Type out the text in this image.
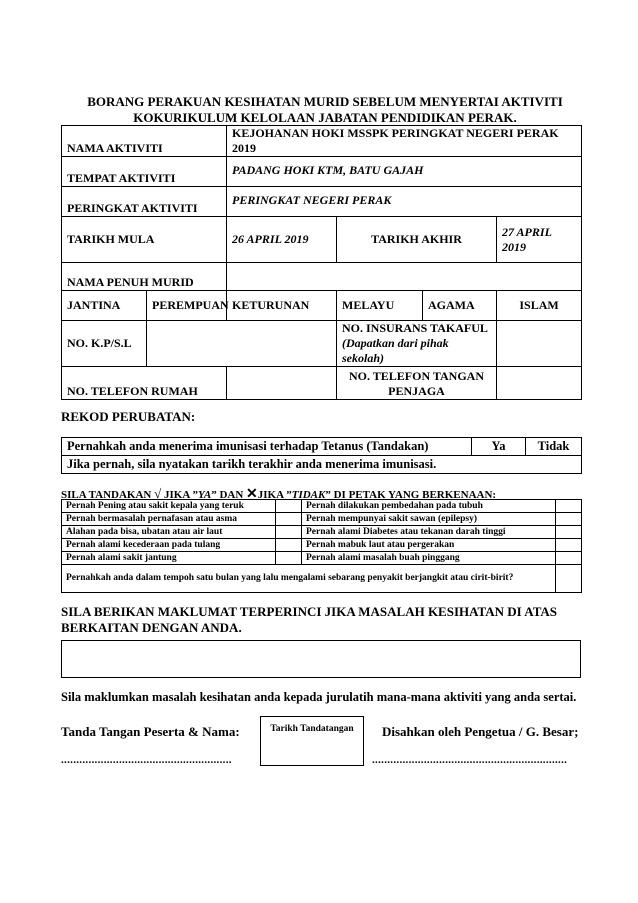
BORANG PERAKUAN KESIHATAN MURID SEBELUM MENYERTAI AKTIVITI
KOKURIKULUM KELOLAAN JABATAN PENDIDIKAN PERAK.
NAMA AKTIVITI		KEJOHANAN HOKI MSSPK PERINGKAT NEGERI PERAK 2019			
TEMPAT AKTIVITI		PADANG HOKI KTM, BATU GAJAH			
PERINGKAT AKTIVITI		PERINGKAT NEGERI PERAK			
TARIKH MULA		26 APRIL 2019	TARIKH AKHIR		27 APRIL 2019
NAMA PENUH MURID					
JANTINA	PEREMPUAN	KETURUNAN	MELAYU	AGAMA	ISLAM
NO. K.P/S.L			NO. INSURANS TAKAFUL (Dapatkan dari pihak sekolah)		
NO. TELEFON RUMAH			NO. TELEFON TANGAN PENJAGA		
REKOD PERUBATAN:
Pernahkah anda menerima imunisasi terhadap Tetanus (Tandakan)	Ya	Tidak
Jika pernah, sila nyatakan tarikh terakhir anda menerima imunisasi.
SILA TANDAKAN √ JIKA ”YA” DAN ✕JIKA ”TIDAK” DI PETAK YANG BERKENAAN:
Pernah Pening atau sakit kepala yang teruk		Pernah dilakukan pembedahan pada tubuh	
Pernah bermasalah pernafasan atau asma		Pernah mempunyai sakit sawan (epilepsy)	
Alahan pada bisa, ubatan atau air laut		Pernah alami Diabetes atau tekanan darah tinggi	
Pernah alami kecederaan pada tulang		Pernah mabuk laut atau pergerakan	
Pernah alami sakit jantung		Pernah alami masalah buah pinggang	
Pernahkah anda dalam tempoh satu bulan yang lalu mengalami sebarang penyakit berjangkit atau cirit-birit?			
SILA BERIKAN MAKLUMAT TERPERINCI JIKA MASALAH KESIHATAN DI ATAS BERKAITAN DENGAN ANDA.
Sila maklumkan masalah kesihatan anda kepada jurulatih mana-mana aktiviti yang anda sertai.
Tanda Tangan Peserta & Nama:	Tarikh Tandatangan	Disahkan oleh Pengetua / G. Besar;
........................................................	................................................................
